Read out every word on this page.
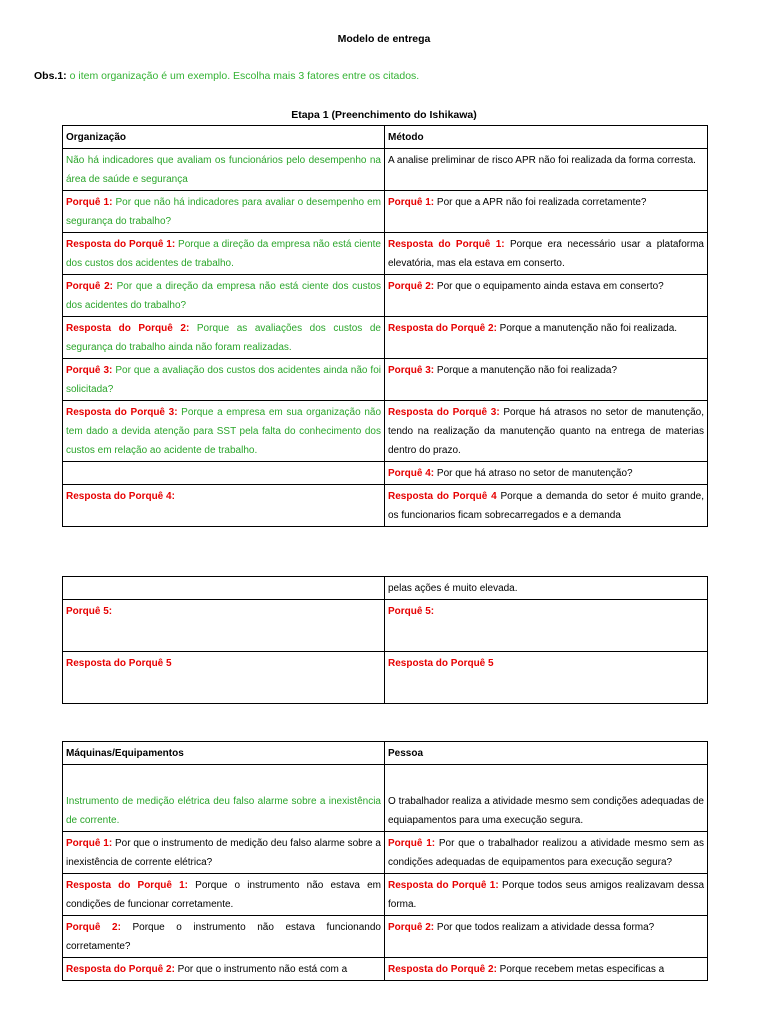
Modelo de entrega
Obs.1: o item organização é um exemplo. Escolha mais 3 fatores entre os citados.
Etapa 1 (Preenchimento do Ishikawa)
Organização	Método
Não há indicadores que avaliam os funcionários pelo desempenho na área de saúde e segurança	A analise preliminar de risco APR não foi realizada da forma corresta.
Porquê 1: Por que não há indicadores para avaliar o desempenho em segurança do trabalho?	Porquê 1: Por que a APR não foi realizada corretamente?
Resposta do Porquê 1: Porque a direção da empresa não está ciente dos custos dos acidentes de trabalho.	Resposta do Porquê 1: Porque era necessário usar a plataforma elevatória, mas ela estava em conserto.
Porquê 2: Por que a direção da empresa não está ciente dos custos dos acidentes do trabalho?	Porquê 2: Por que o equipamento ainda estava em conserto?
Resposta do Porquê 2: Porque as avaliações dos custos de segurança do trabalho ainda não foram realizadas.	Resposta do Porquê 2: Porque a manutenção não foi realizada.
Porquê 3: Por que a avaliação dos custos dos acidentes ainda não foi solicitada?	Porquê 3: Porque a manutenção não foi realizada?
Resposta do Porquê 3: Porque a empresa em sua organização não tem dado a devida atenção para SST pela falta do conhecimento dos custos em relação ao acidente de trabalho.	Resposta do Porquê 3: Porque há atrasos no setor de manutenção, tendo na realização da manutenção quanto na entrega de materias dentro do prazo.
	Porquê 4: Por que há atraso no setor de manutenção?
Resposta do Porquê 4:	Resposta do Porquê 4 Porque a demanda do setor é muito grande, os funcionarios ficam sobrecarregados e a demanda
	pelas ações é muito elevada.
Porquê 5:	Porquê 5:
Resposta do Porquê 5	Resposta do Porquê 5
Máquinas/Equipamentos	Pessoa
Instrumento de medição elétrica deu falso alarme sobre a inexistência de corrente.	O trabalhador realiza a atividade mesmo sem condições adequadas de equiapamentos para uma execução segura.
Porquê 1: Por que o instrumento de medição deu falso alarme sobre a inexistência de corrente elétrica?	Porquê 1: Por que o trabalhador realizou a atividade mesmo sem as condições adequadas de equipamentos para execução segura?
Resposta do Porquê 1: Porque o instrumento não estava em condições de funcionar corretamente.	Resposta do Porquê 1: Porque todos seus amigos realizavam dessa forma.
Porquê 2: Porque o instrumento não estava funcionando corretamente?	Porquê 2: Por que todos realizam a atividade dessa forma?
Resposta do Porquê 2: Por que o instrumento não está com a	Resposta do Porquê 2: Porque recebem metas especificas a
